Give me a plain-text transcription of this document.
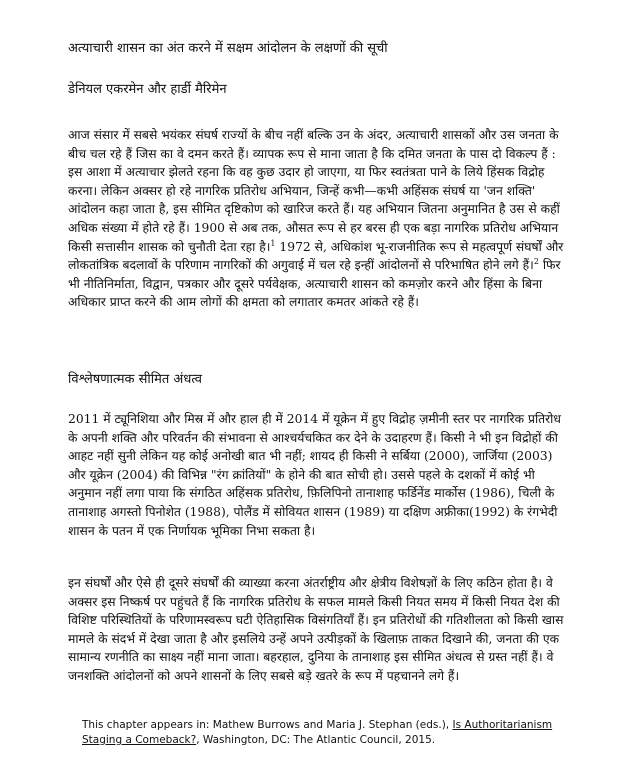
अत्याचारी शासन का अंत करने में सक्षम आंदोलन के लक्षणों की सूची
डेनियल एकरमेन और हार्डी मैरिमेन

आज संसार में सबसे भयंकर संघर्ष राज्यों के बीच नहीं बल्कि उन के अंदर, अत्याचारी शासकों और उस जनता के बीच चल रहे हैं जिस का वे दमन करते हैं। व्यापक रूप से माना जाता है कि दमित जनता के पास दो विकल्प हैं : इस आशा में अत्याचार झेलते रहना कि वह कुछ उदार हो जाएगा, या फिर स्वतंत्रता पाने के लिये हिंसक विद्रोह करना। लेकिन अक्सर हो रहे नागरिक प्रतिरोध अभियान, जिन्हें कभी—कभी अहिंसक संघर्ष या 'जन शक्ति' आंदोलन कहा जाता है, इस सीमित दृष्टिकोण को खारिज करते हैं। यह अभियान जितना अनुमानित है उस से कहीं अधिक संख्या में होते रहे हैं। 1900 से अब तक, औसत रूप से हर बरस ही एक बड़ा नागरिक प्रतिरोध अभियान किसी सत्तासीन शासक को चुनौती देता रहा है।$^1$ 1972 से, अधिकांश भू-राजनीतिक रूप से महत्वपूर्ण संघर्षों और लोकतांत्रिक बदलावों के परिणाम नागरिकों की अगुवाई में चल रहे इन्हीं आंदोलनों से परिभाषित होने लगे हैं।$^2$ फिर भी नीतिनिर्माता, विद्वान, पत्रकार और दूसरे पर्यवेक्षक, अत्याचारी शासन को कमज़ोर करने और हिंसा के बिना अधिकार प्राप्त करने की आम लोगों की क्षमता को लगातार कमतर आंकते रहे हैं।

विश्लेषणात्मक सीमित अंधत्व

2011 में ट्यूनिशिया और मिस्र में और हाल ही में 2014 में यूक्रेन में हुए विद्रोह ज़मीनी स्तर पर नागरिक प्रतिरोध के अपनी शक्ति और परिवर्तन की संभावना से आश्चर्यचकित कर देने के उदाहरण हैं। किसी ने भी इन विद्रोहों की आहट नहीं सुनी लेकिन यह कोई अनोखी बात भी नहीं; शायद ही किसी ने सर्बिया (2000), जार्जिया (2003) और यूक्रेन (2004) की विभिन्न "रंग क्रांतियों" के होने की बात सोची हो। उससे पहले के दशकों में कोई भी अनुमान नहीं लगा पाया कि संगठित अहिंसक प्रतिरोध, फ़िलिपिनो तानाशाह फर्डिनेंड मार्कोस (1986), चिली के तानाशाह अगस्तो पिनोशेत (1988), पोलैंड में सोवियत शासन (1989) या दक्षिण अफ्रीका(1992) के रंगभेदी शासन के पतन में एक निर्णायक भूमिका निभा सकता है।

इन संघर्षों और ऐसे ही दूसरे संघर्षों की व्याख्या करना अंतर्राष्ट्रीय और क्षेत्रीय विशेषज्ञों के लिए कठिन होता है। वे अक्सर इस निष्कर्ष पर पहुंचते हैं कि नागरिक प्रतिरोध के सफल मामले किसी नियत समय में किसी नियत देश की विशिष्ट परिस्थितियों के परिणामस्वरूप घटी ऐतिहासिक विसंगतियाँ हैं। इन प्रतिरोधों की गतिशीलता को किसी खास मामले के संदर्भ में देखा जाता है और इसलिये उन्हें अपने उत्पीड़कों के खिलाफ़ ताकत दिखाने की, जनता की एक सामान्य रणनीति का साक्ष्य नहीं माना जाता। बहरहाल, दुनिया के तानाशाह इस सीमित अंधत्व से ग्रस्त नहीं हैं। वे जनशक्ति आंदोलनों को अपने शासनों के लिए सबसे बड़े खतरे के रूप में पहचानने लगे हैं।

This chapter appears in: Mathew Burrows and Maria J. Stephan (eds.), Is Authoritarianism Staging a Comeback?, Washington, DC: The Atlantic Council, 2015.
